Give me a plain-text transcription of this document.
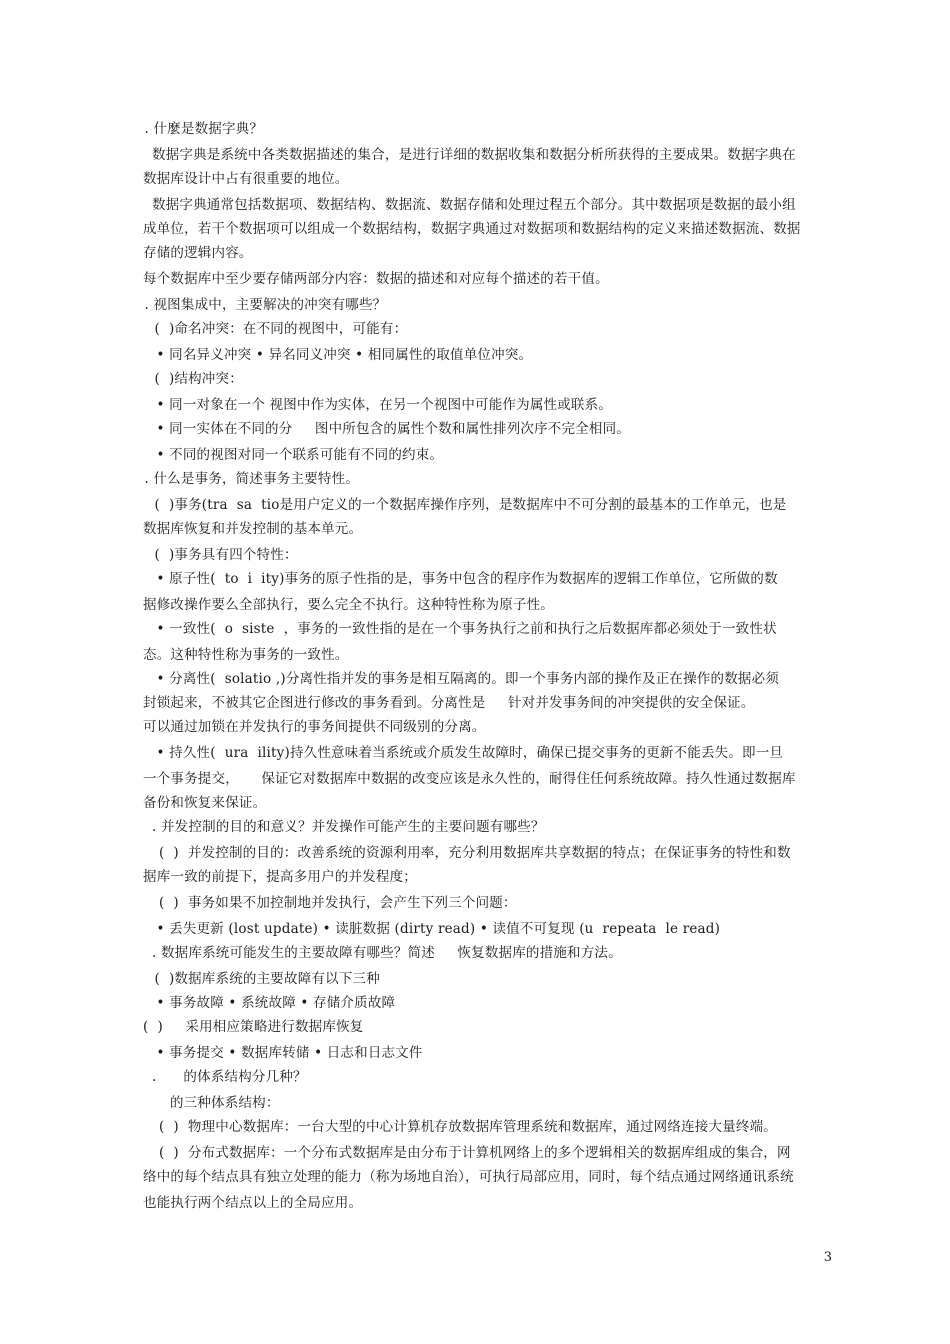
. 什麼是数据字典？
数据字典是系统中各类数据描述的集合，是进行详细的数据收集和数据分析所获得的主要成果。数据字典在
数据库设计中占有很重要的地位。
数据字典通常包括数据项、数据结构、数据流、数据存储和处理过程五个部分。其中数据项是数据的最小组
成单位，若干个数据项可以组成一个数据结构，数据字典通过对数据项和数据结构的定义来描述数据流、数据
存储的逻辑内容。
每个数据库中至少要存储两部分内容：数据的描述和对应每个描述的若干值。
. 视图集成中，主要解决的冲突有哪些？
(  )命名冲突：在不同的视图中，可能有：
• 同名异义冲突 • 异名同义冲突 • 相同属性的取值单位冲突。
(  )结构冲突：
• 同一对象在一个 视图中作为实体，在另一个视图中可能作为属性或联系。
• 同一实体在不同的分     图中所包含的属性个数和属性排列次序不完全相同。
• 不同的视图对同一个联系可能有不同的约束。
. 什么是事务，简述事务主要特性。
(  )事务(tra  sa  tio是用户定义的一个数据库操作序列，是数据库中不可分割的最基本的工作单元，也是
数据库恢复和并发控制的基本单元。
(  )事务具有四个特性：
• 原子性(  to  i  ity)事务的原子性指的是，事务中包含的程序作为数据库的逻辑工作单位，它所做的数
据修改操作要么全部执行，要么完全不执行。这种特性称为原子性。
• 一致性(  o  siste  ，事务的一致性指的是在一个事务执行之前和执行之后数据库都必须处于一致性状
态。这种特性称为事务的一致性。
• 分离性(  solatio ,)分离性指并发的事务是相互隔离的。即一个事务内部的操作及正在操作的数据必须
封锁起来，不被其它企图进行修改的事务看到。分离性是     针对并发事务间的冲突提供的安全保证。
可以通过加锁在并发执行的事务间提供不同级别的分离。
• 持久性(  ura  ility)持久性意味着当系统或介质发生故障时，确保已提交事务的更新不能丢失。即一旦
一个事务提交，     保证它对数据库中数据的改变应该是永久性的，耐得住任何系统故障。持久性通过数据库
备份和恢复来保证。
. 并发控制的目的和意义？并发操作可能产生的主要问题有哪些？
(  )  并发控制的目的：改善系统的资源利用率，充分利用数据库共享数据的特点；在保证事务的特性和数
据库一致的前提下，提高多用户的并发程度；
(  )  事务如果不加控制地并发执行，会产生下列三个问题：
• 丢失更新 (lost update) • 读脏数据 (dirty read) • 读值不可复现 (u  repeata  le read)
. 数据库系统可能发生的主要故障有哪些？简述     恢复数据库的措施和方法。
(  )数据库系统的主要故障有以下三种
• 事务故障 • 系统故障 • 存储介质故障
(  )     采用相应策略进行数据库恢复
• 事务提交 • 数据库转储 • 日志和日志文件
.      的体系结构分几种？
的三种体系结构：
(  )  物理中心数据库：一台大型的中心计算机存放数据库管理系统和数据库，通过网络连接大量终端。
(  )  分布式数据库：一个分布式数据库是由分布于计算机网络上的多个逻辑相关的数据库组成的集合，网
络中的每个结点具有独立处理的能力（称为场地自治），可执行局部应用，同时，每个结点通过网络通讯系统
也能执行两个结点以上的全局应用。
3
